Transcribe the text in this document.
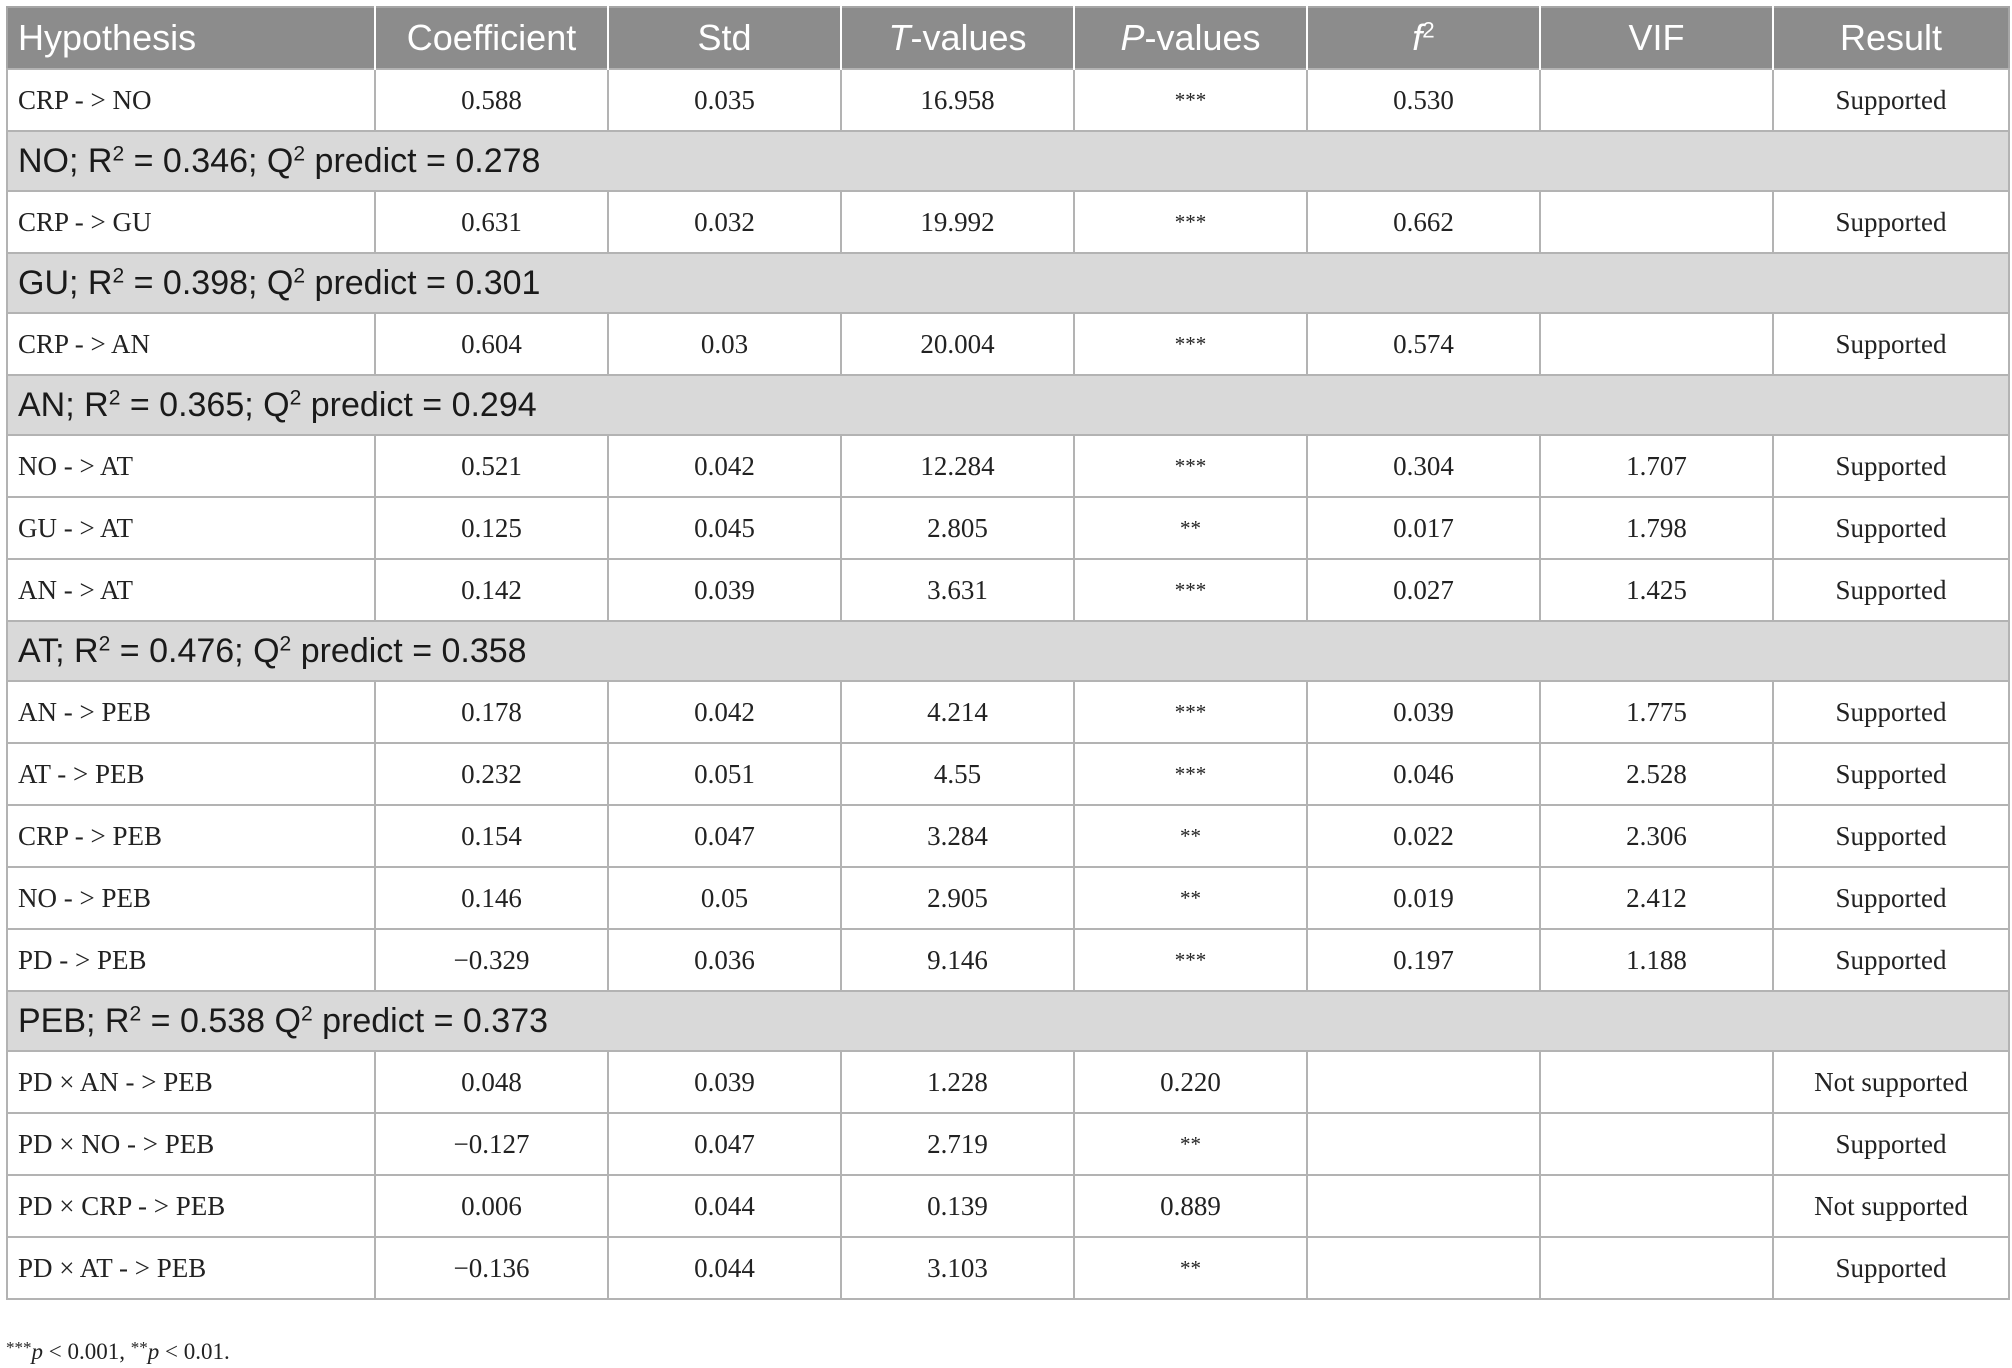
Hypothesis	Coefficient	Std	T-values	P-values	$f^2$	VIF	Result
CRP - > NO	0.588	0.035	16.958	***	0.530		Supported
NO; $R^2 = 0.346$; $Q^2$ predict = 0.278							
CRP - > GU	0.631	0.032	19.992	***	0.662		Supported
GU; $R^2 = 0.398$; $Q^2$ predict = 0.301							
CRP - > AN	0.604	0.03	20.004	***	0.574		Supported
AN; $R^2 = 0.365$; $Q^2$ predict = 0.294							
NO - > AT	0.521	0.042	12.284	***	0.304	1.707	Supported
GU - > AT	0.125	0.045	2.805	**	0.017	1.798	Supported
AN - > AT	0.142	0.039	3.631	***	0.027	1.425	Supported
AT; $R^2 = 0.476$; $Q^2$ predict = 0.358							
AN - > PEB	0.178	0.042	4.214	***	0.039	1.775	Supported
AT - > PEB	0.232	0.051	4.55	***	0.046	2.528	Supported
CRP - > PEB	0.154	0.047	3.284	**	0.022	2.306	Supported
NO - > PEB	0.146	0.05	2.905	**	0.019	2.412	Supported
PD - > PEB	−0.329	0.036	9.146	***	0.197	1.188	Supported
PEB; $R^2 = 0.538$ $Q^2$ predict = 0.373							
PD × AN - > PEB	0.048	0.039	1.228	0.220			Not supported
PD × NO - > PEB	−0.127	0.047	2.719	**			Supported
PD × CRP - > PEB	0.006	0.044	0.139	0.889			Not supported
PD × AT - > PEB	−0.136	0.044	3.103	**			Supported
***p < 0.001, **p < 0.01.
